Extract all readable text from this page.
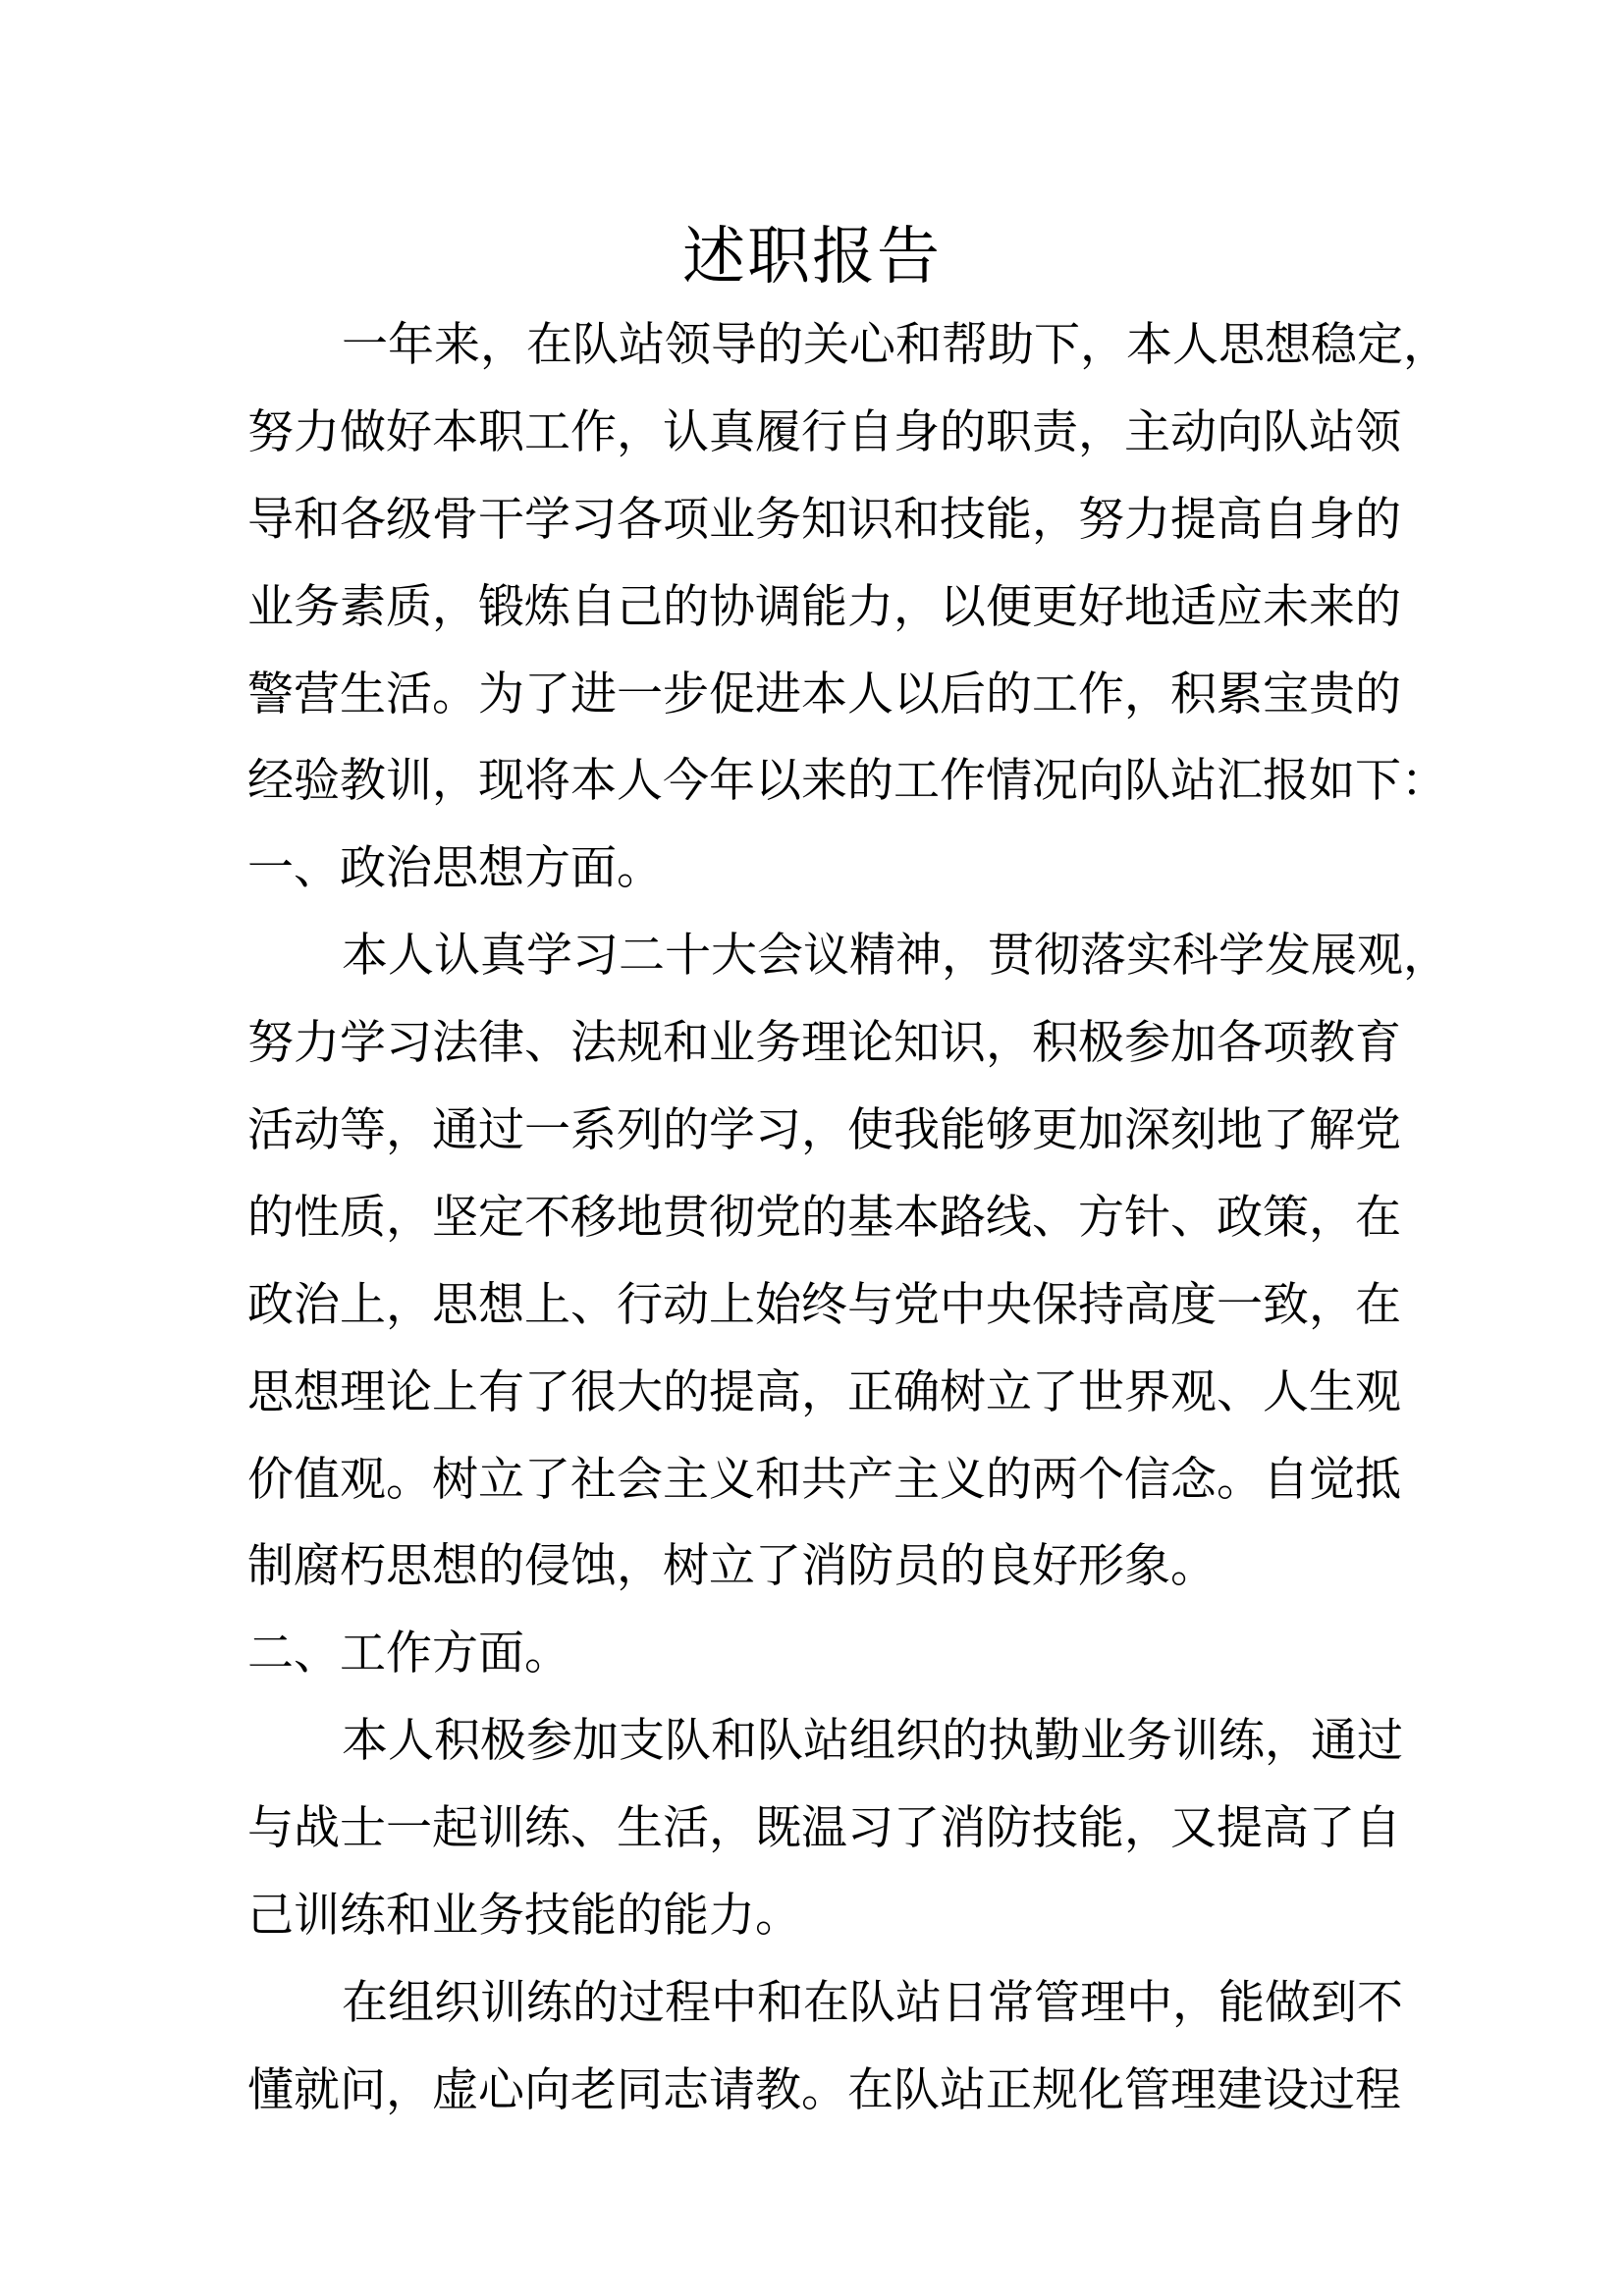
述职报告
一年来，在队站领导的关心和帮助下，本人思想稳定，
努力做好本职工作，认真履行自身的职责，主动向队站领
导和各级骨干学习各项业务知识和技能，努力提高自身的
业务素质，锻炼自己的协调能力，以便更好地适应未来的
警营生活。为了进一步促进本人以后的工作，积累宝贵的
经验教训，现将本人今年以来的工作情况向队站汇报如下：
一、政治思想方面。
本人认真学习二十大会议精神，贯彻落实科学发展观，
努力学习法律、法规和业务理论知识，积极参加各项教育
活动等，通过一系列的学习，使我能够更加深刻地了解党
的性质，坚定不移地贯彻党的基本路线、方针、政策，在
政治上，思想上、行动上始终与党中央保持高度一致，在
思想理论上有了很大的提高，正确树立了世界观、人生观
价值观。树立了社会主义和共产主义的两个信念。自觉抵
制腐朽思想的侵蚀，树立了消防员的良好形象。
二、工作方面。
本人积极参加支队和队站组织的执勤业务训练，通过
与战士一起训练、生活，既温习了消防技能，又提高了自
己训练和业务技能的能力。
在组织训练的过程中和在队站日常管理中，能做到不
懂就问，虚心向老同志请教。在队站正规化管理建设过程
